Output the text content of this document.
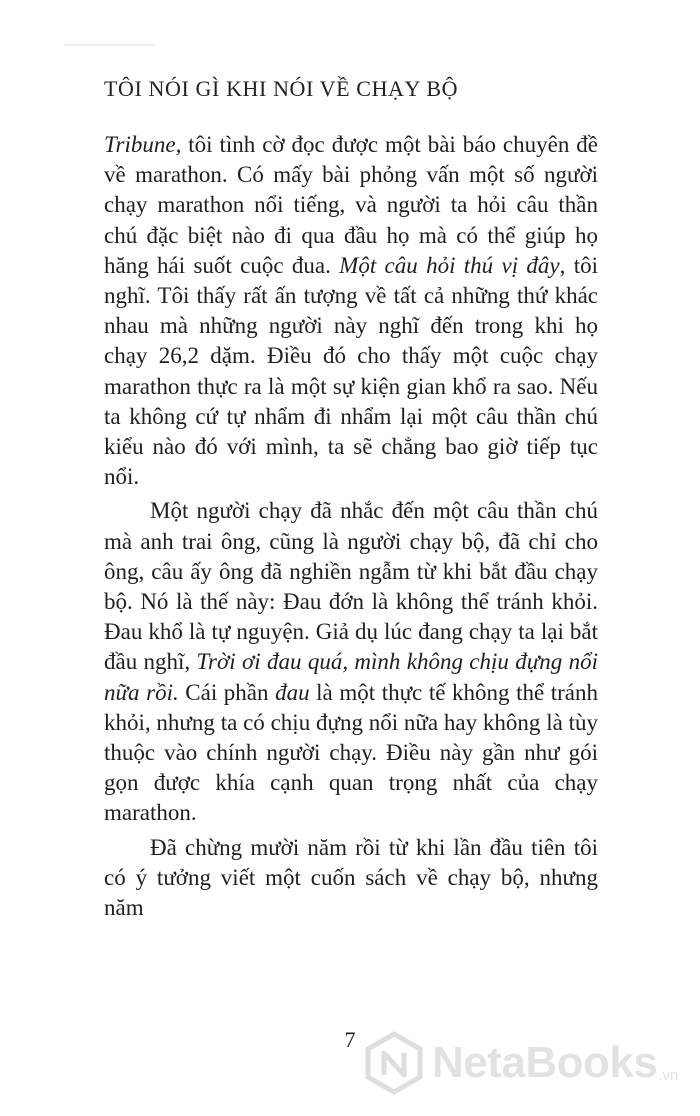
TÔI NÓI GÌ KHI NÓI VỀ CHẠY BỘ

Tribune, tôi tình cờ đọc được một bài báo chuyên đề về marathon. Có mấy bài phỏng vấn một số người chạy marathon nổi tiếng, và người ta hỏi câu thần chú đặc biệt nào đi qua đầu họ mà có thể giúp họ hăng hái suốt cuộc đua. Một câu hỏi thú vị đây, tôi nghĩ. Tôi thấy rất ấn tượng về tất cả những thứ khác nhau mà những người này nghĩ đến trong khi họ chạy 26,2 dặm. Điều đó cho thấy một cuộc chạy marathon thực ra là một sự kiện gian khổ ra sao. Nếu ta không cứ tự nhẩm đi nhẩm lại một câu thần chú kiểu nào đó với mình, ta sẽ chẳng bao giờ tiếp tục nổi.

Một người chạy đã nhắc đến một câu thần chú mà anh trai ông, cũng là người chạy bộ, đã chỉ cho ông, câu ấy ông đã nghiền ngẫm từ khi bắt đầu chạy bộ. Nó là thế này: Đau đớn là không thể tránh khỏi. Đau khổ là tự nguyện. Giả dụ lúc đang chạy ta lại bắt đầu nghĩ, Trời ơi đau quá, mình không chịu đựng nổi nữa rồi. Cái phần đau là một thực tế không thể tránh khỏi, nhưng ta có chịu đựng nổi nữa hay không là tùy thuộc vào chính người chạy. Điều này gần như gói gọn được khía cạnh quan trọng nhất của chạy marathon.

Đã chừng mười năm rồi từ khi lần đầu tiên tôi có ý tưởng viết một cuốn sách về chạy bộ, nhưng năm

7	NetaBooks .vn
